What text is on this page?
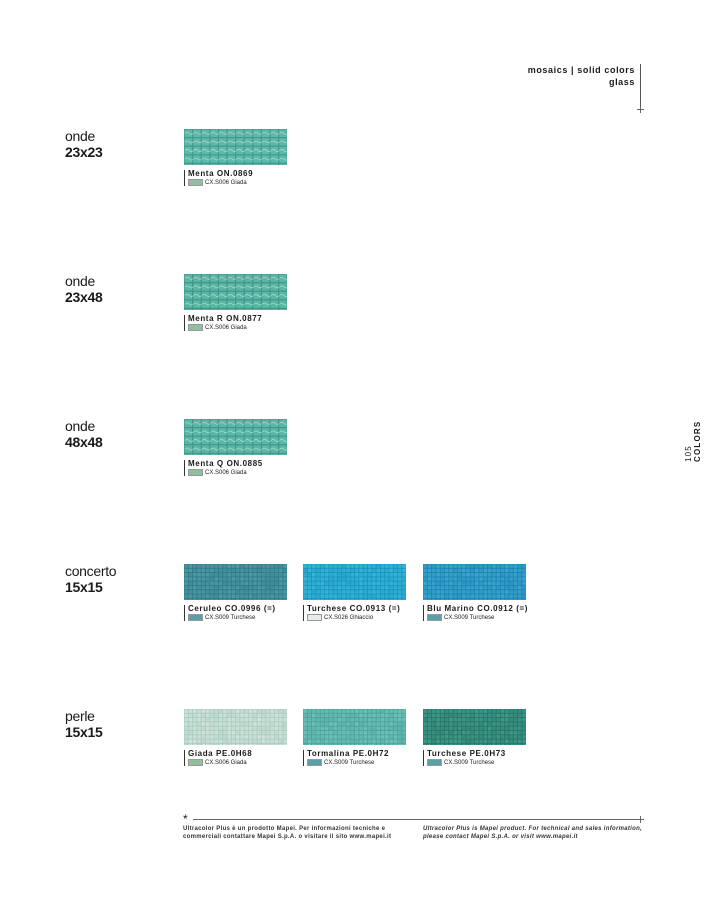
mosaics | solid colors
glass
105 COLORS
onde
23x23
Menta ON.0869
CX.S006 Giada
onde
23x48
Menta R ON.0877
CX.S006 Giada
onde
48x48
Menta Q ON.0885
CX.S006 Giada
concerto
15x15
Ceruleo CO.0996 (=)
CX.S009 Turchese
Turchese CO.0913 (=)
CX.S026 Ghiaccio
Blu Marino CO.0912 (=)
CX.S009 Turchese
perle
15x15
Giada PE.0H68
CX.S006 Giada
Tormalina PE.0H72
CX.S009 Turchese
Turchese PE.0H73
CX.S009 Turchese
*
Ultracolor Plus è un prodotto Mapei. Per informazioni tecniche e commerciali contattare Mapei S.p.A. o visitare il sito www.mapei.it
Ultracolor Plus is Mapei product. For technical and sales information, please contact Mapei S.p.A. or visit www.mapei.it
